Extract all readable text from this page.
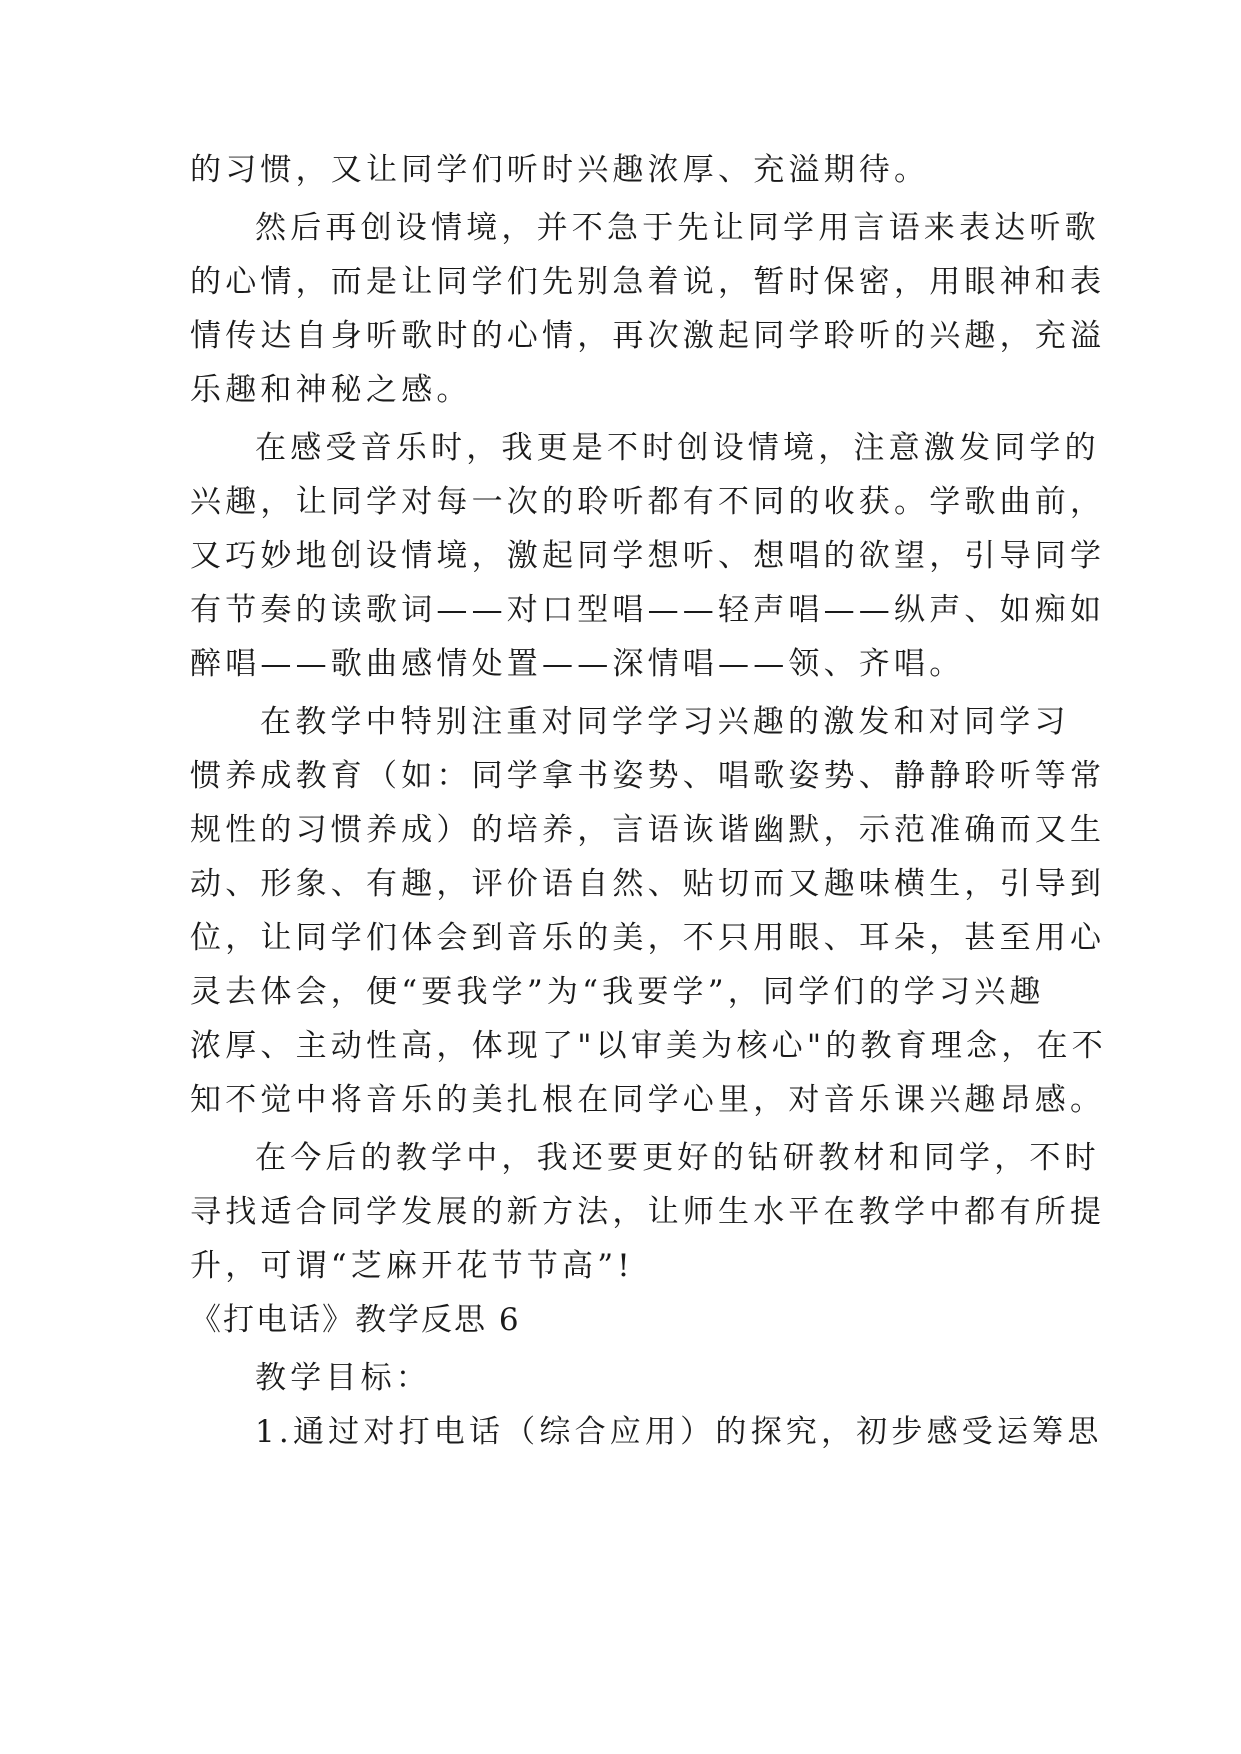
的习惯，又让同学们听时兴趣浓厚、充溢期待。
然后再创设情境，并不急于先让同学用言语来表达听歌
的心情，而是让同学们先别急着说，暂时保密，用眼神和表
情传达自身听歌时的心情，再次激起同学聆听的兴趣，充溢
乐趣和神秘之感。
在感受音乐时，我更是不时创设情境，注意激发同学的
兴趣，让同学对每一次的聆听都有不同的收获。学歌曲前，
又巧妙地创设情境，激起同学想听、想唱的欲望，引导同学
有节奏的读歌词——对口型唱——轻声唱——纵声、如痴如
醉唱——歌曲感情处置——深情唱——领、齐唱。
在教学中特别注重对同学学习兴趣的激发和对同学习
惯养成教育（如：同学拿书姿势、唱歌姿势、静静聆听等常
规性的习惯养成）的培养，言语诙谐幽默，示范准确而又生
动、形象、有趣，评价语自然、贴切而又趣味横生，引导到
位，让同学们体会到音乐的美，不只用眼、耳朵，甚至用心
灵去体会，便“要我学”为“我要学”，同学们的学习兴趣
浓厚、主动性高，体现了"以审美为核心"的教育理念，在不
知不觉中将音乐的美扎根在同学心里，对音乐课兴趣昂感。
在今后的教学中，我还要更好的钻研教材和同学，不时
寻找适合同学发展的新方法，让师生水平在教学中都有所提
升，可谓“芝麻开花节节高”!
《打电话》教学反思 6
教学目标：
1.通过对打电话（综合应用）的探究，初步感受运筹思
